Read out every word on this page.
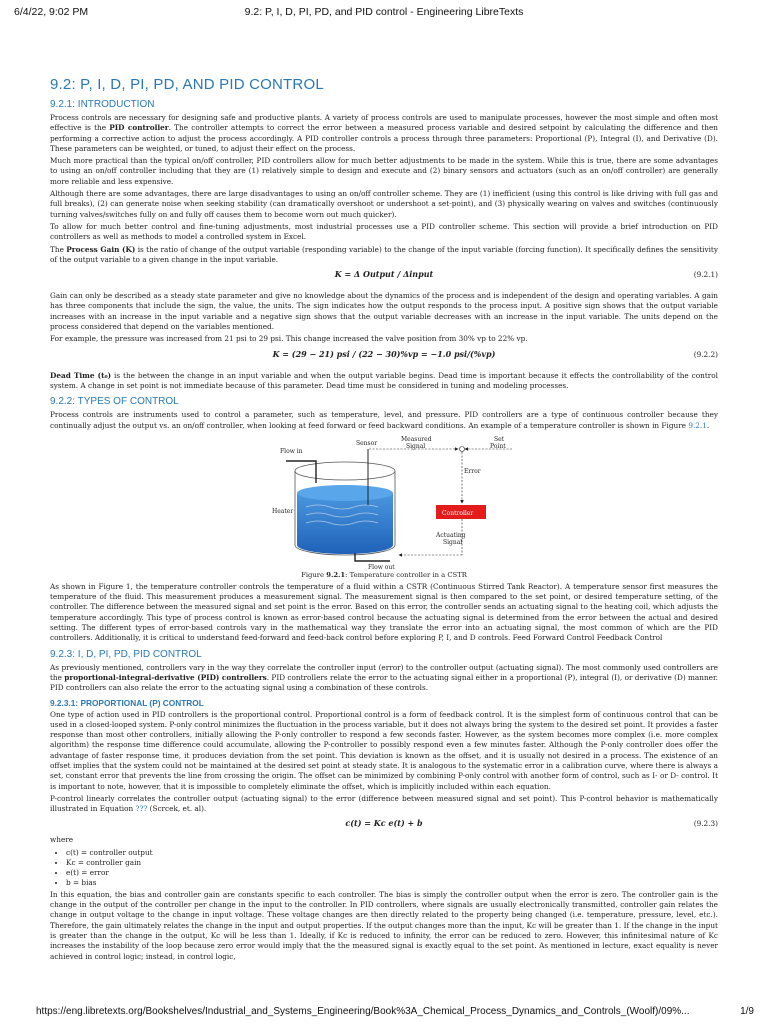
6/4/22, 9:02 PM	9.2: P, I, D, PI, PD, and PID control - Engineering LibreTexts
9.2: P, I, D, PI, PD, AND PID CONTROL
9.2.1: INTRODUCTION

Process controls are necessary for designing safe and productive plants. A variety of process controls are used to manipulate processes, however the most simple and often most effective is the PID controller. The controller attempts to correct the error between a measured process variable and desired setpoint by calculating the difference and then performing a corrective action to adjust the process accordingly. A PID controller controls a process through three parameters: Proportional (P), Integral (I), and Derivative (D). These parameters can be weighted, or tuned, to adjust their effect on the process.

Much more practical than the typical on/off controller, PID controllers allow for much better adjustments to be made in the system. While this is true, there are some advantages to using an on/off controller including that they are (1) relatively simple to design and execute and (2) binary sensors and actuators (such as an on/off controller) are generally more reliable and less expensive.

Although there are some advantages, there are large disadvantages to using an on/off controller scheme. They are (1) inefficient (using this control is like driving with full gas and full breaks), (2) can generate noise when seeking stability (can dramatically overshoot or undershoot a set-point), and (3) physically wearing on valves and switches (continuously turning valves/switches fully on and fully off causes them to become worn out much quicker).

To allow for much better control and fine-tuning adjustments, most industrial processes use a PID controller scheme. This section will provide a brief introduction on PID controllers as well as methods to model a controlled system in Excel.

The Process Gain (K) is the ratio of change of the output variable (responding variable) to the change of the input variable (forcing function). It specifically defines the sensitivity of the output variable to a given change in the input variable.

K = Δ Output / Δinput	(9.2.1)

Gain can only be described as a steady state parameter and give no knowledge about the dynamics of the process and is independent of the design and operating variables. A gain has three components that include the sign, the value, the units. The sign indicates how the output responds to the process input. A positive sign shows that the output variable increases with an increase in the input variable and a negative sign shows that the output variable decreases with an increase in the input variable. The units depend on the process considered that depend on the variables mentioned.

For example, the pressure was increased from 21 psi to 29 psi. This change increased the valve position from 30% vp to 22% vp.

K = (29 − 21) psi / (22 − 30)%vp = −1.0 psi/(%vp)	(9.2.2)

Dead Time (t₀) is the between the change in an input variable and when the output variable begins. Dead time is important because it effects the controllability of the control system. A change in set point is not immediate because of this parameter. Dead time must be considered in tuning and modeling processes.

9.2.2: TYPES OF CONTROL

Process controls are instruments used to control a parameter, such as temperature, level, and pressure. PID controllers are a type of continuous controller because they continually adjust the output vs. an on/off controller, when looking at feed forward or feed backward conditions. An example of a temperature controller is shown in Figure 9.2.1.

Flow in
Sensor
Measured
Signal
Set
Point
Error
Controller
Actuating
Signal
Heater
Flow out
Figure 9.2.1: Temperature controller in a CSTR

As shown in Figure 1, the temperature controller controls the temperature of a fluid within a CSTR (Continuous Stirred Tank Reactor). A temperature sensor first measures the temperature of the fluid. This measurement produces a measurement signal. The measurement signal is then compared to the set point, or desired temperature setting, of the controller. The difference between the measured signal and set point is the error. Based on this error, the controller sends an actuating signal to the heating coil, which adjusts the temperature accordingly. This type of process control is known as error-based control because the actuating signal is determined from the error between the actual and desired setting. The different types of error-based controls vary in the mathematical way they translate the error into an actuating signal, the most common of which are the PID controllers. Additionally, it is critical to understand feed-forward and feed-back control before exploring P, I, and D controls. Feed Forward Control Feedback Control

9.2.3: I, D, PI, PD, PID CONTROL

As previously mentioned, controllers vary in the way they correlate the controller input (error) to the controller output (actuating signal). The most commonly used controllers are the proportional-integral-derivative (PID) controllers. PID controllers relate the error to the actuating signal either in a proportional (P), integral (I), or derivative (D) manner. PID controllers can also relate the error to the actuating signal using a combination of these controls.

9.2.3.1: PROPORTIONAL (P) CONTROL

One type of action used in PID controllers is the proportional control. Proportional control is a form of feedback control. It is the simplest form of continuous control that can be used in a closed-looped system. P-only control minimizes the fluctuation in the process variable, but it does not always bring the system to the desired set point. It provides a faster response than most other controllers, initially allowing the P-only controller to respond a few seconds faster. However, as the system becomes more complex (i.e. more complex algorithm) the response time difference could accumulate, allowing the P-controller to possibly respond even a few minutes faster. Although the P-only controller does offer the advantage of faster response time, it produces deviation from the set point. This deviation is known as the offset, and it is usually not desired in a process. The existence of an offset implies that the system could not be maintained at the desired set point at steady state. It is analogous to the systematic error in a calibration curve, where there is always a set, constant error that prevents the line from crossing the origin. The offset can be minimized by combining P-only control with another form of control, such as I- or D- control. It is important to note, however, that it is impossible to completely eliminate the offset, which is implicitly included within each equation.

P-control linearly correlates the controller output (actuating signal) to the error (difference between measured signal and set point). This P-control behavior is mathematically illustrated in Equation ??? (Scrcek, et. al).

c(t) = Kc e(t) + b	(9.2.3)

where

• c(t) = controller output
• Kc = controller gain
• e(t) = error
• b = bias

In this equation, the bias and controller gain are constants specific to each controller. The bias is simply the controller output when the error is zero. The controller gain is the change in the output of the controller per change in the input to the controller. In PID controllers, where signals are usually electronically transmitted, controller gain relates the change in output voltage to the change in input voltage. These voltage changes are then directly related to the property being changed (i.e. temperature, pressure, level, etc.). Therefore, the gain ultimately relates the change in the input and output properties. If the output changes more than the input, Kc will be greater than 1. If the change in the input is greater than the change in the output, Kc will be less than 1. Ideally, if Kc is reduced to infinity, the error can be reduced to zero. However, this infinitesimal nature of Kc increases the instability of the loop because zero error would imply that the the measured signal is exactly equal to the set point. As mentioned in lecture, exact equality is never achieved in control logic; instead, in control logic,

https://eng.libretexts.org/Bookshelves/Industrial_and_Systems_Engineering/Book%3A_Chemical_Process_Dynamics_and_Controls_(Woolf)/09%...	1/9
